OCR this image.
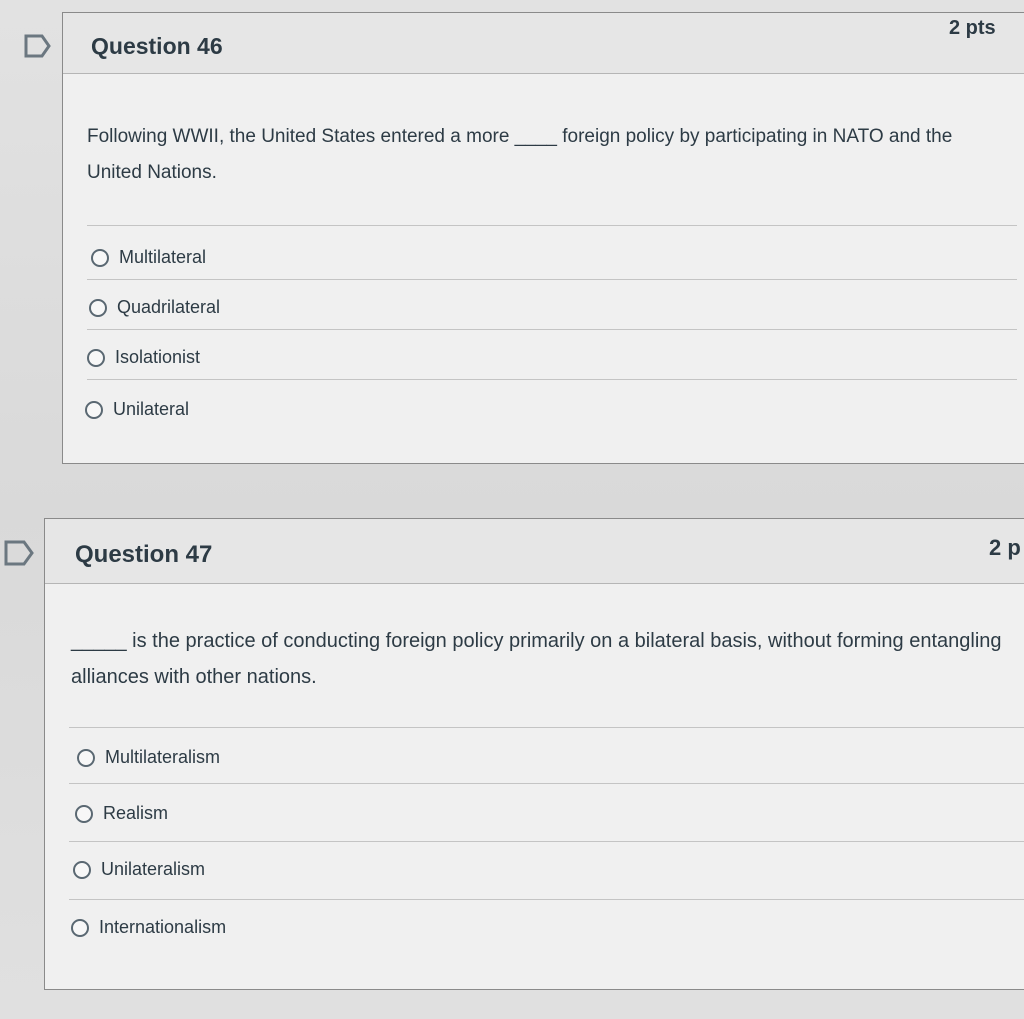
Question 46
2 pts
Following WWII, the United States entered a more ____ foreign policy by participating in NATO and the United Nations.
Multilateral
Quadrilateral
Isolationist
Unilateral
Question 47	2 p
_____ is the practice of conducting foreign policy primarily on a bilateral basis, without forming entangling alliances with other nations.
Multilateralism
Realism
Unilateralism
Internationalism
